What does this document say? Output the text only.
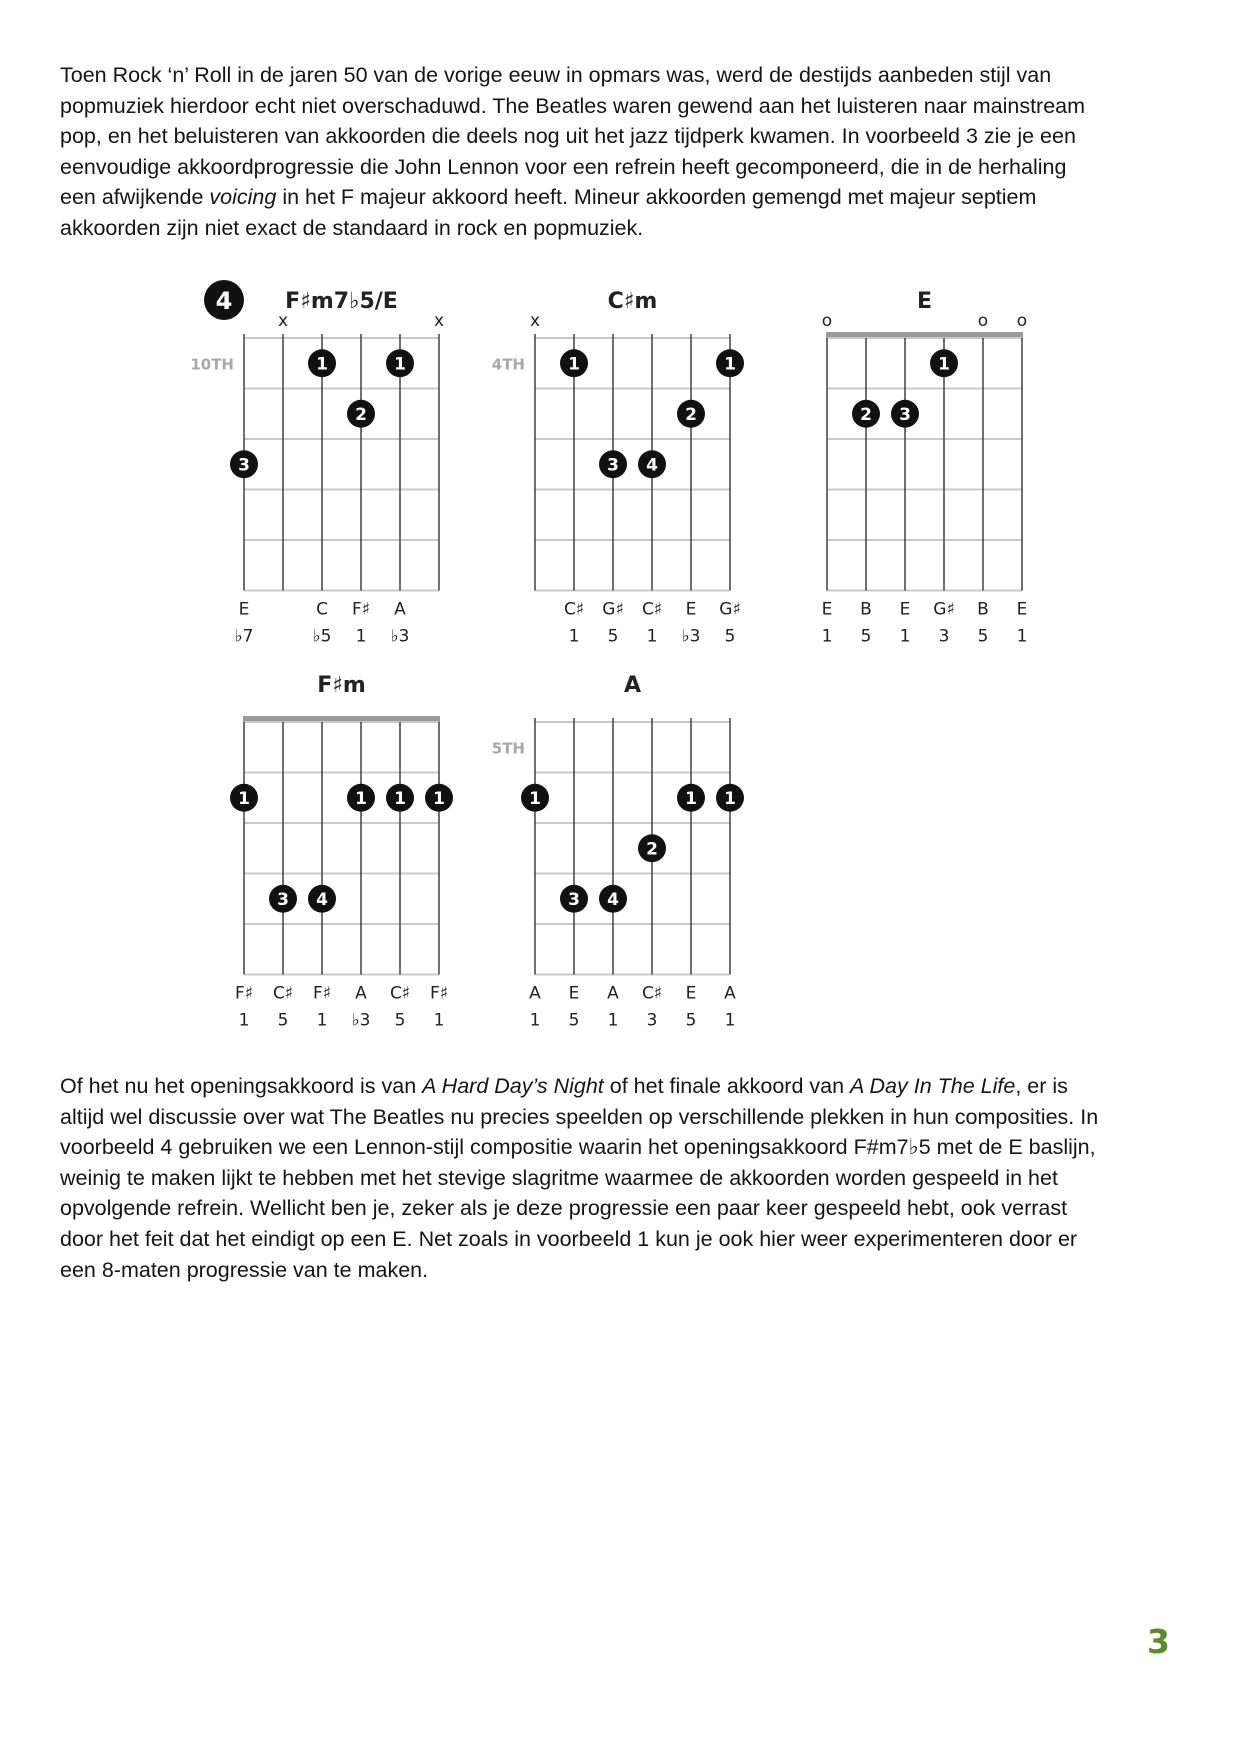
Toen Rock ‘n’ Roll in de jaren 50 van de vorige eeuw in opmars was, werd de destijds aanbeden stijl van

popmuziek hierdoor echt niet overschaduwd. The Beatles waren gewend aan het luisteren naar mainstream

pop, en het beluisteren van akkoorden die deels nog uit het jazz tijdperk kwamen. In voorbeeld 3 zie je een

eenvoudige akkoordprogressie die John Lennon voor een refrein heeft gecomponeerd, die in de herhaling

een afwijkende voicing in het F majeur akkoord heeft. Mineur akkoorden gemengd met majeur septiem

akkoorden zijn niet exact de standaard in rock en popmuziek.

F♯m7♭5/E
10TH
x	x
3
1
2
1
E	C F♯ A
♭7	♭5 1 ♭3
C♯m
4TH
x
1
3 4
2
1
C♯ G♯ C♯ E G♯
1 5 1 ♭3 5
E
o	o o
2 3
1
E B E G♯ B E
1 5 1 3 5 1
F♯m
1
3 4
1 1 1
F♯ C♯ F♯ A C♯ F♯
1 5 1 ♭3 5 1
A
5TH
1
3 4
2
1 1
A E A C♯ E A
1 5 1 3 5 1
4

Of het nu het openingsakkoord is van A Hard Day’s Night of het finale akkoord van A Day In The Life, er is

altijd wel discussie over wat The Beatles nu precies speelden op verschillende plekken in hun composities. In

voorbeeld 4 gebruiken we een Lennon-stijl compositie waarin het openingsakkoord F#m7♭5 met de E baslijn,

weinig te maken lijkt te hebben met het stevige slagritme waarmee de akkoorden worden gespeeld in het

opvolgende refrein. Wellicht ben je, zeker als je deze progressie een paar keer gespeeld hebt, ook verrast

door het feit dat het eindigt op een E. Net zoals in voorbeeld 1 kun je ook hier weer experimenteren door er

een 8-maten progressie van te maken.

3
